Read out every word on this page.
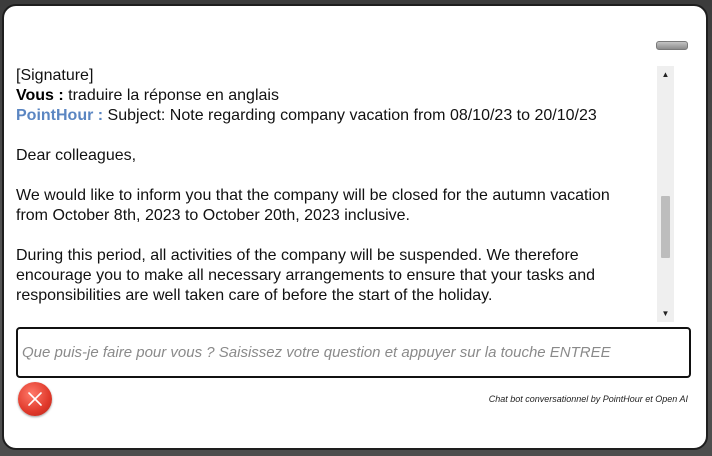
[Signature]
Vous : traduire la réponse en anglais
PointHour : Subject: Note regarding company vacation from 08/10/23 to 20/10/23
Dear colleagues,
We would like to inform you that the company will be closed for the autumn vacation
from October 8th, 2023 to October 20th, 2023 inclusive.
During this period, all activities of the company will be suspended. We therefore
encourage you to make all necessary arrangements to ensure that your tasks and
responsibilities are well taken care of before the start of the holiday.
▲
▼
Que puis-je faire pour vous ? Saisissez votre question et appuyer sur la touche ENTREE
Chat bot conversationnel by PointHour et Open AI
